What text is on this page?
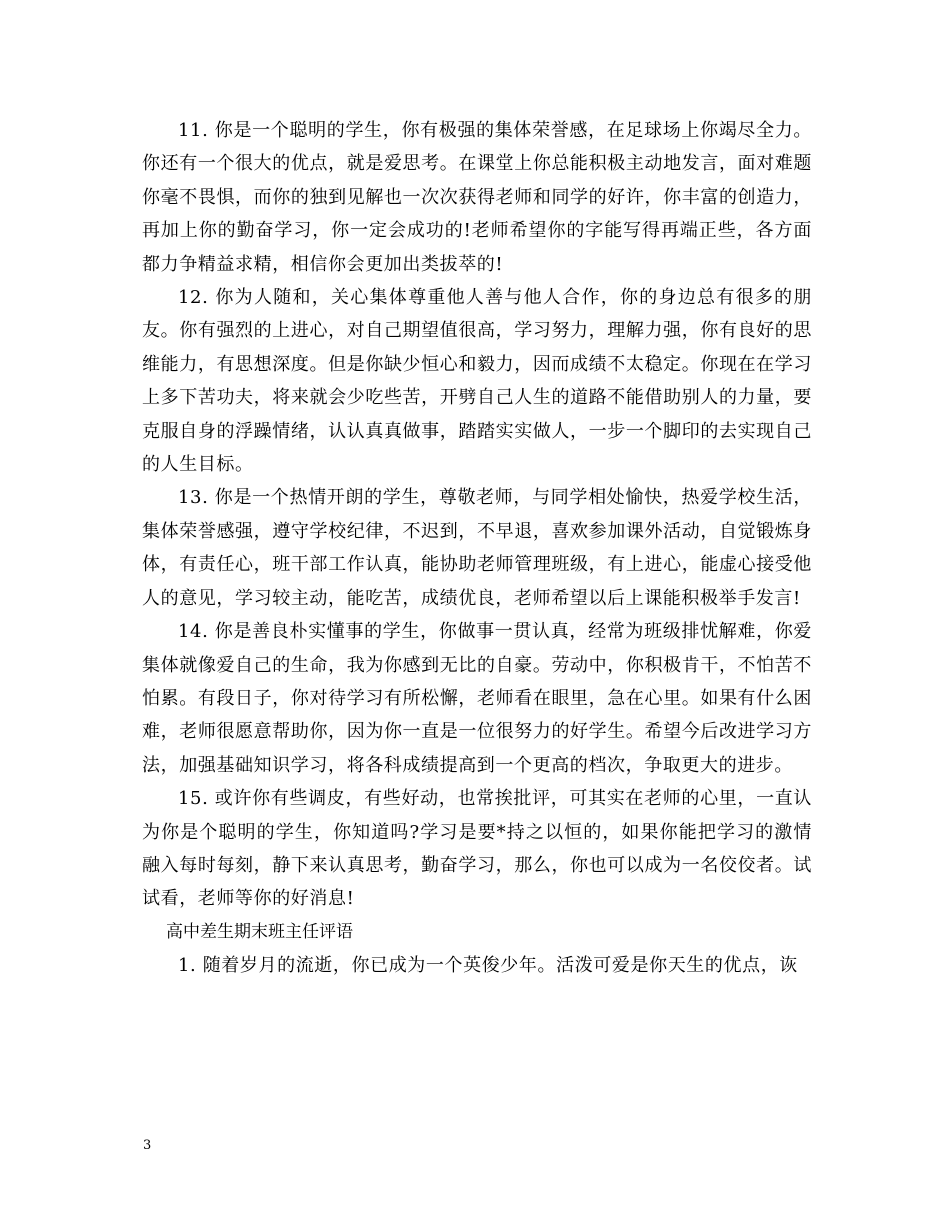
11. 你是一个聪明的学生，你有极强的集体荣誉感，在足球场上你竭尽全力。你还有一个很大的优点，就是爱思考。在课堂上你总能积极主动地发言，面对难题你毫不畏惧，而你的独到见解也一次次获得老师和同学的好许，你丰富的创造力，再加上你的勤奋学习，你一定会成功的!老师希望你的字能写得再端正些，各方面都力争精益求精，相信你会更加出类拔萃的!

12. 你为人随和，关心集体尊重他人善与他人合作，你的身边总有很多的朋友。你有强烈的上进心，对自己期望值很高，学习努力，理解力强，你有良好的思维能力，有思想深度。但是你缺少恒心和毅力，因而成绩不太稳定。你现在在学习上多下苦功夫，将来就会少吃些苦，开劈自己人生的道路不能借助别人的力量，要克服自身的浮躁情绪，认认真真做事，踏踏实实做人，一步一个脚印的去实现自己的人生目标。

13. 你是一个热情开朗的学生，尊敬老师，与同学相处愉快，热爱学校生活，集体荣誉感强，遵守学校纪律，不迟到，不早退，喜欢参加课外活动，自觉锻炼身体，有责任心，班干部工作认真，能协助老师管理班级，有上进心，能虚心接受他人的意见，学习较主动，能吃苦，成绩优良，老师希望以后上课能积极举手发言!

14. 你是善良朴实懂事的学生，你做事一贯认真，经常为班级排忧解难，你爱集体就像爱自己的生命，我为你感到无比的自豪。劳动中，你积极肯干，不怕苦不怕累。有段日子，你对待学习有所松懈，老师看在眼里，急在心里。如果有什么困难，老师很愿意帮助你，因为你一直是一位很努力的好学生。希望今后改进学习方法，加强基础知识学习，将各科成绩提高到一个更高的档次，争取更大的进步。

15. 或许你有些调皮，有些好动，也常挨批评，可其实在老师的心里，一直认为你是个聪明的学生，你知道吗?学习是要*持之以恒的，如果你能把学习的激情融入每时每刻，静下来认真思考，勤奋学习，那么，你也可以成为一名佼佼者。试试看，老师等你的好消息!

高中差生期末班主任评语

1. 随着岁月的流逝，你已成为一个英俊少年。活泼可爱是你天生的优点，诙

3
